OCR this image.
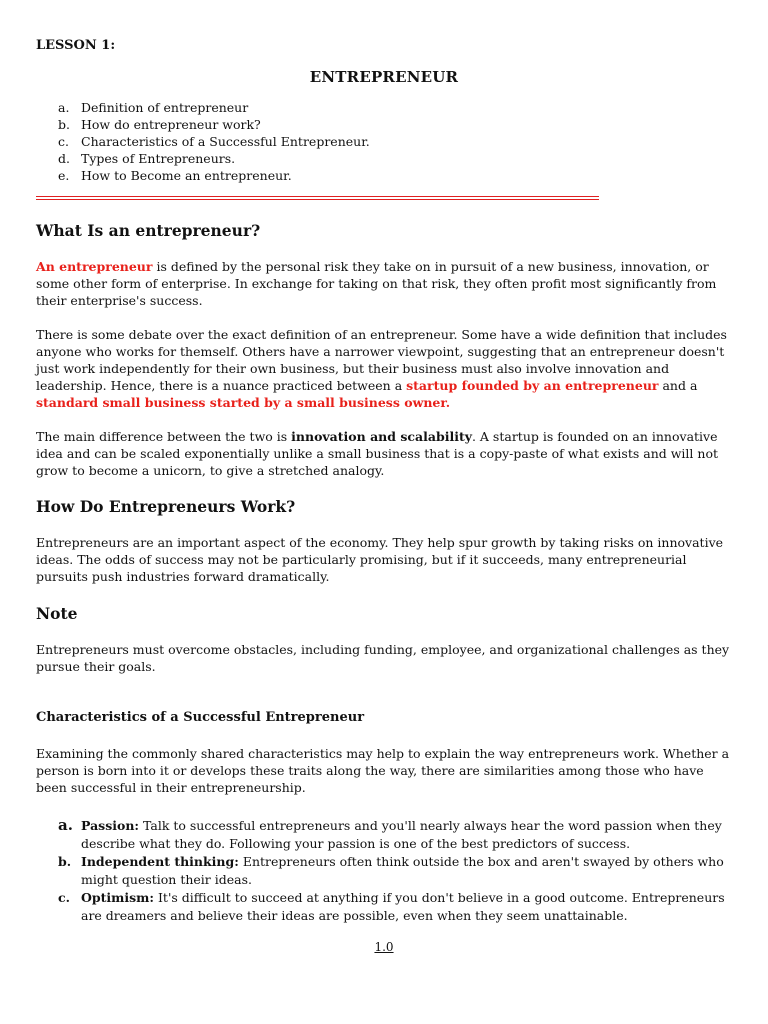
LESSON 1:
ENTREPRENEUR
a. Definition of entrepreneur
b. How do entrepreneur work?
c. Characteristics of a Successful Entrepreneur.
d. Types of Entrepreneurs.
e. How to Become an entrepreneur.
What Is an entrepreneur?

An entrepreneur is defined by the personal risk they take on in pursuit of a new business, innovation, or some other form of enterprise. In exchange for taking on that risk, they often profit most significantly from their enterprise's success.

There is some debate over the exact definition of an entrepreneur. Some have a wide definition that includes anyone who works for themself. Others have a narrower viewpoint, suggesting that an entrepreneur doesn't just work independently for their own business, but their business must also involve innovation and leadership. Hence, there is a nuance practiced between a startup founded by an entrepreneur and a standard small business started by a small business owner.

The main difference between the two is innovation and scalability. A startup is founded on an innovative idea and can be scaled exponentially unlike a small business that is a copy-paste of what exists and will not grow to become a unicorn, to give a stretched analogy.

How Do Entrepreneurs Work?

Entrepreneurs are an important aspect of the economy. They help spur growth by taking risks on innovative ideas. The odds of success may not be particularly promising, but if it succeeds, many entrepreneurial pursuits push industries forward dramatically.

Note

Entrepreneurs must overcome obstacles, including funding, employee, and organizational challenges as they pursue their goals.

Characteristics of a Successful Entrepreneur

Examining the commonly shared characteristics may help to explain the way entrepreneurs work. Whether a person is born into it or develops these traits along the way, there are similarities among those who have been successful in their entrepreneurship.

a. Passion: Talk to successful entrepreneurs and you'll nearly always hear the word passion when they describe what they do. Following your passion is one of the best predictors of success.
b. Independent thinking: Entrepreneurs often think outside the box and aren't swayed by others who might question their ideas.
c. Optimism: It's difficult to succeed at anything if you don't believe in a good outcome. Entrepreneurs are dreamers and believe their ideas are possible, even when they seem unattainable.
1.0
